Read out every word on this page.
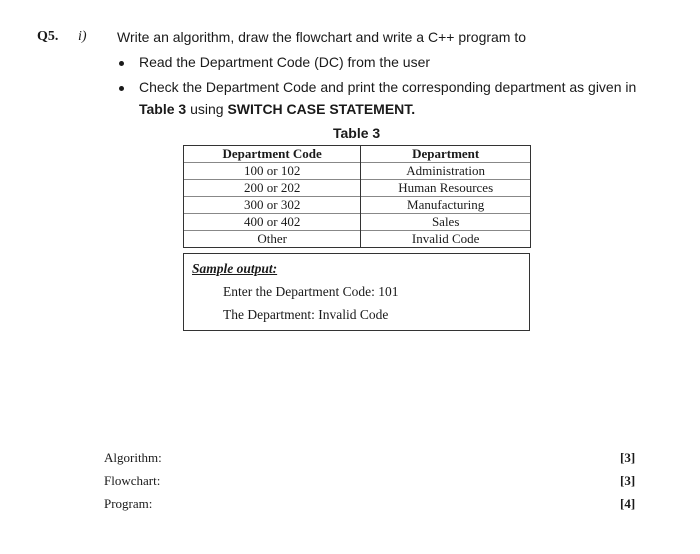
Q5. i) Write an algorithm, draw the flowchart and write a C++ program to
Read the Department Code (DC) from the user
Check the Department Code and print the corresponding department as given in
Table 3 using SWITCH CASE STATEMENT.
Table 3
Department Code	Department
100 or 102	Administration
200 or 202	Human Resources
300 or 302	Manufacturing
400 or 402	Sales
Other	Invalid Code
Sample output:
Enter the Department Code: 101
The Department: Invalid Code
Algorithm:	[3]
Flowchart:	[3]
Program:	[4]
